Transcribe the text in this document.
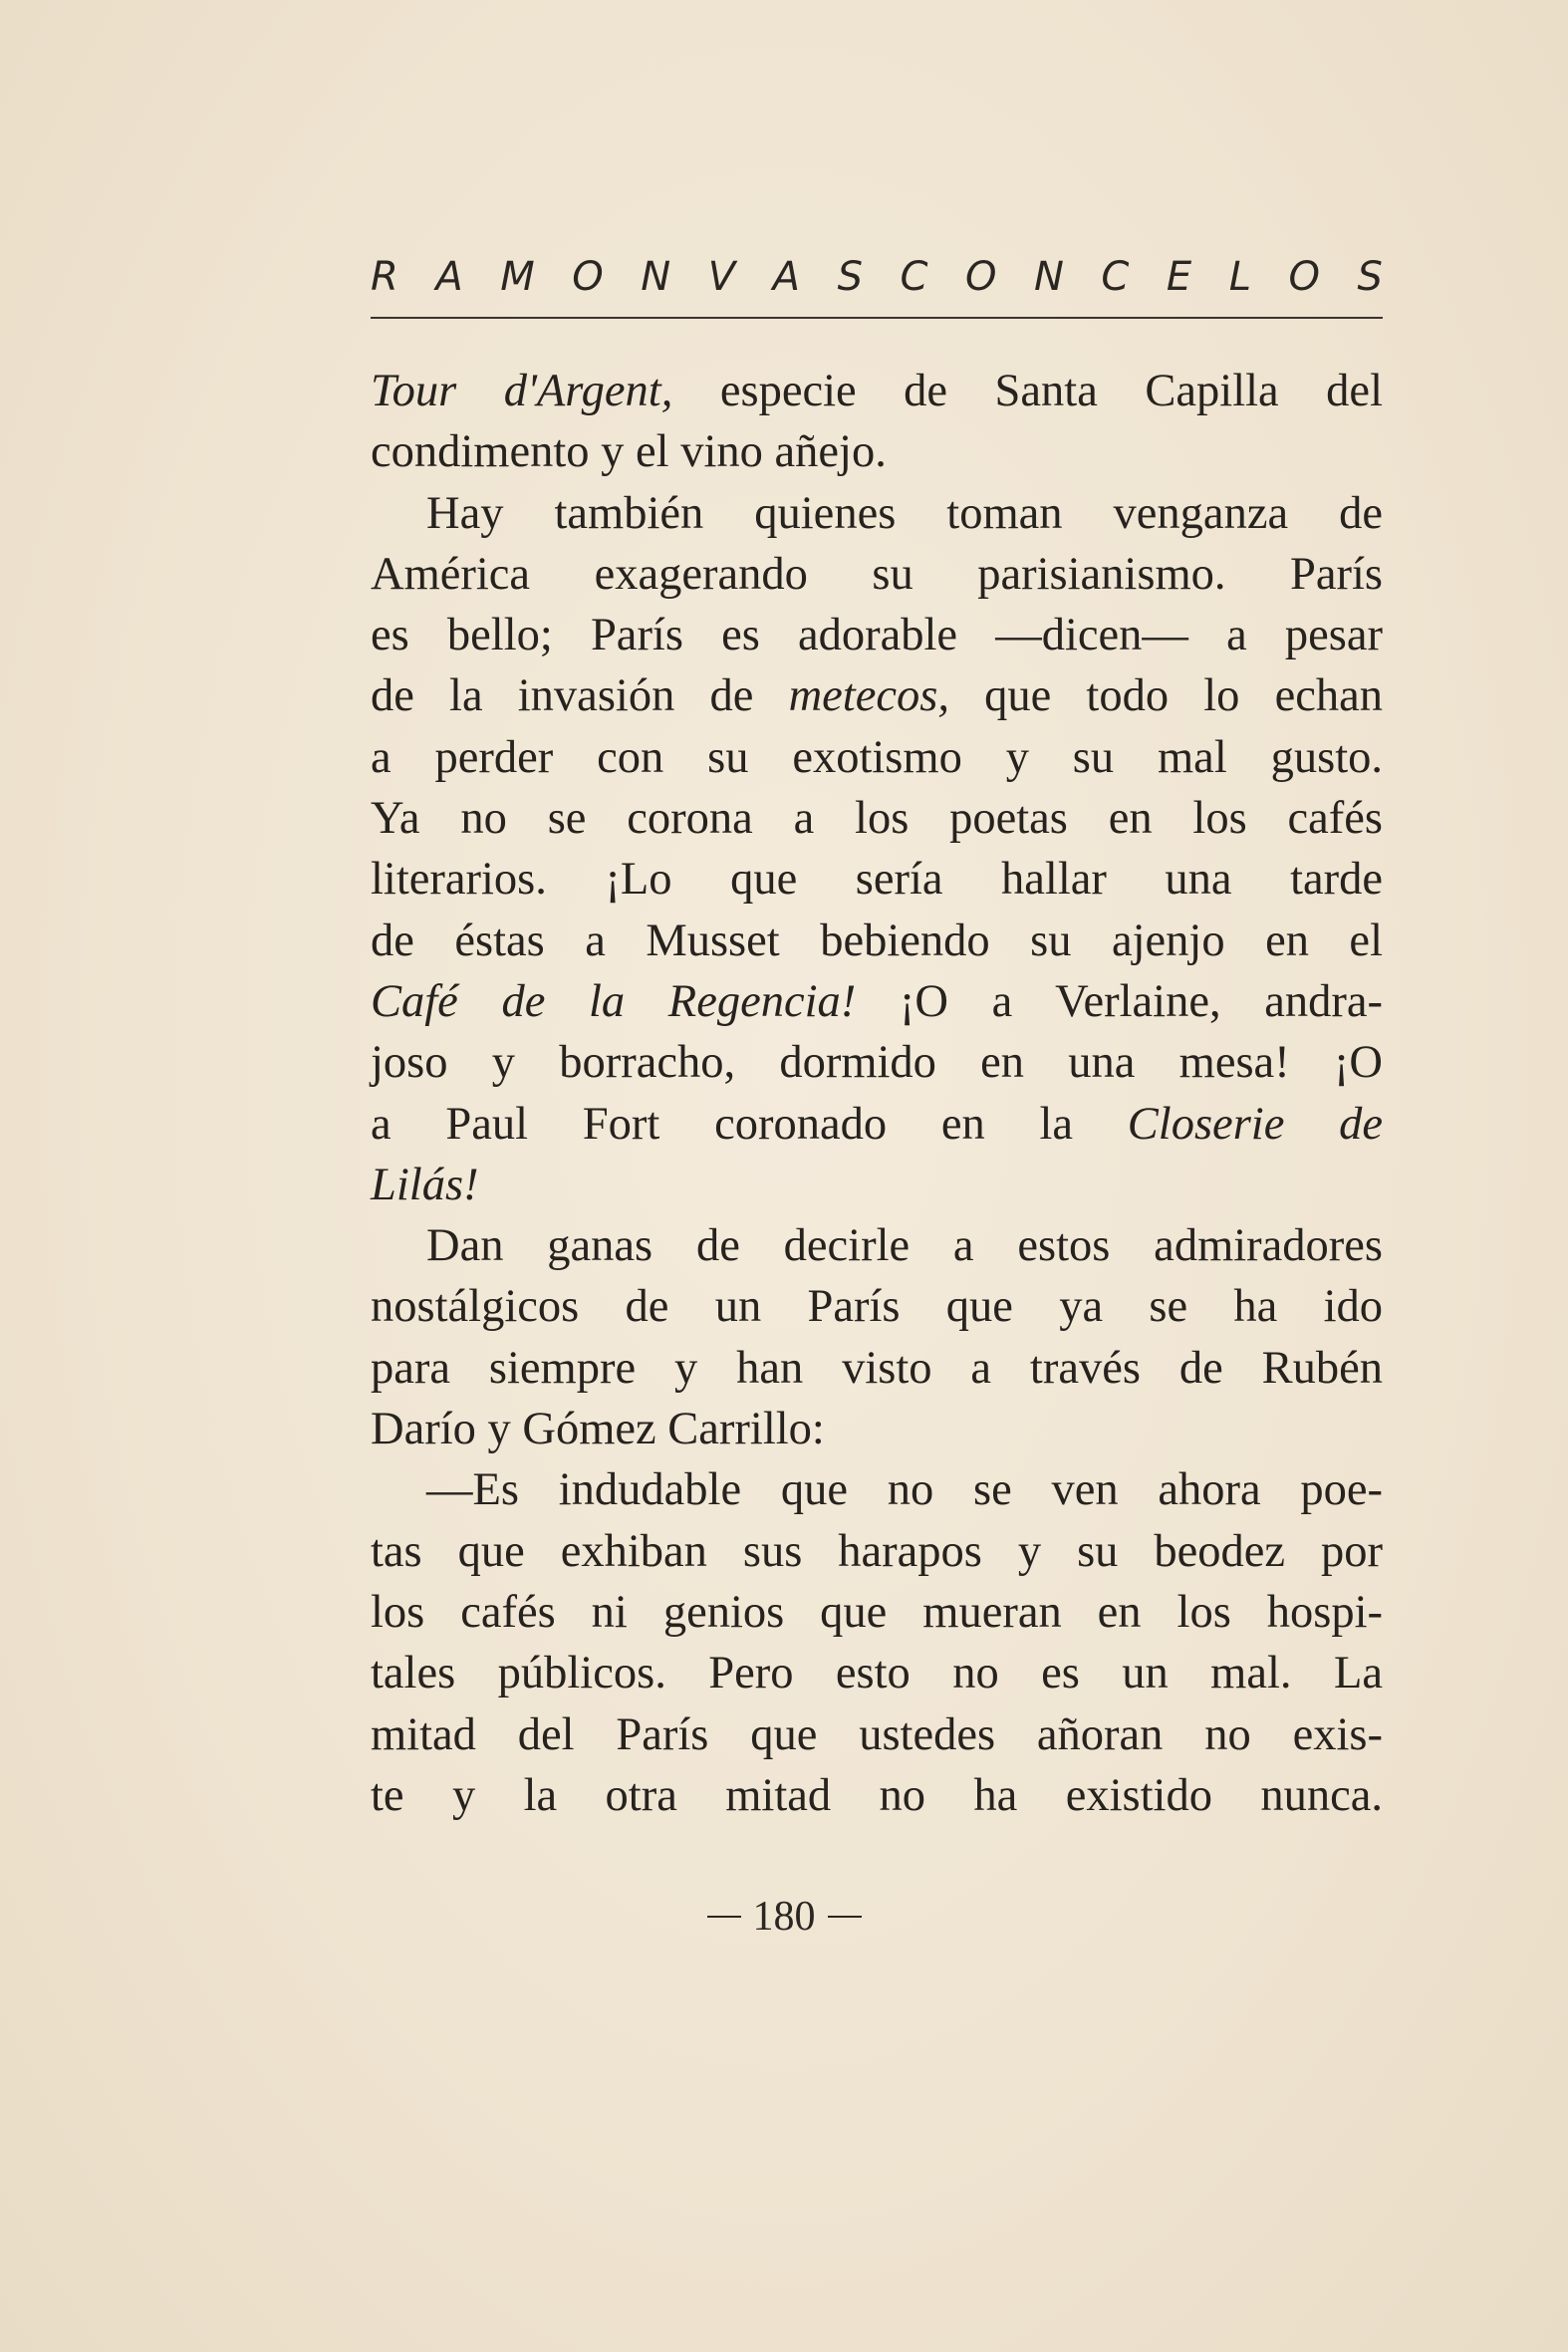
R A M O N V A S C O N C E L O S
Tour d'Argent, especie de Santa Capilla del
condimento y el vino añejo.
Hay también quienes toman venganza de
América exagerando su parisianismo. París
es bello; París es adorable —dicen— a pesar
de la invasión de metecos, que todo lo echan
a perder con su exotismo y su mal gusto.
Ya no se corona a los poetas en los cafés
literarios. ¡Lo que sería hallar una tarde
de éstas a Musset bebiendo su ajenjo en el
Café de la Regencia! ¡O a Verlaine, andra-
joso y borracho, dormido en una mesa! ¡O
a Paul Fort coronado en la Closerie de
Lilás!
Dan ganas de decirle a estos admiradores
nostálgicos de un París que ya se ha ido
para siempre y han visto a través de Rubén
Darío y Gómez Carrillo:
—Es indudable que no se ven ahora poe-
tas que exhiban sus harapos y su beodez por
los cafés ni genios que mueran en los hospi-
tales públicos. Pero esto no es un mal. La
mitad del París que ustedes añoran no exis-
te y la otra mitad no ha existido nunca.
180
